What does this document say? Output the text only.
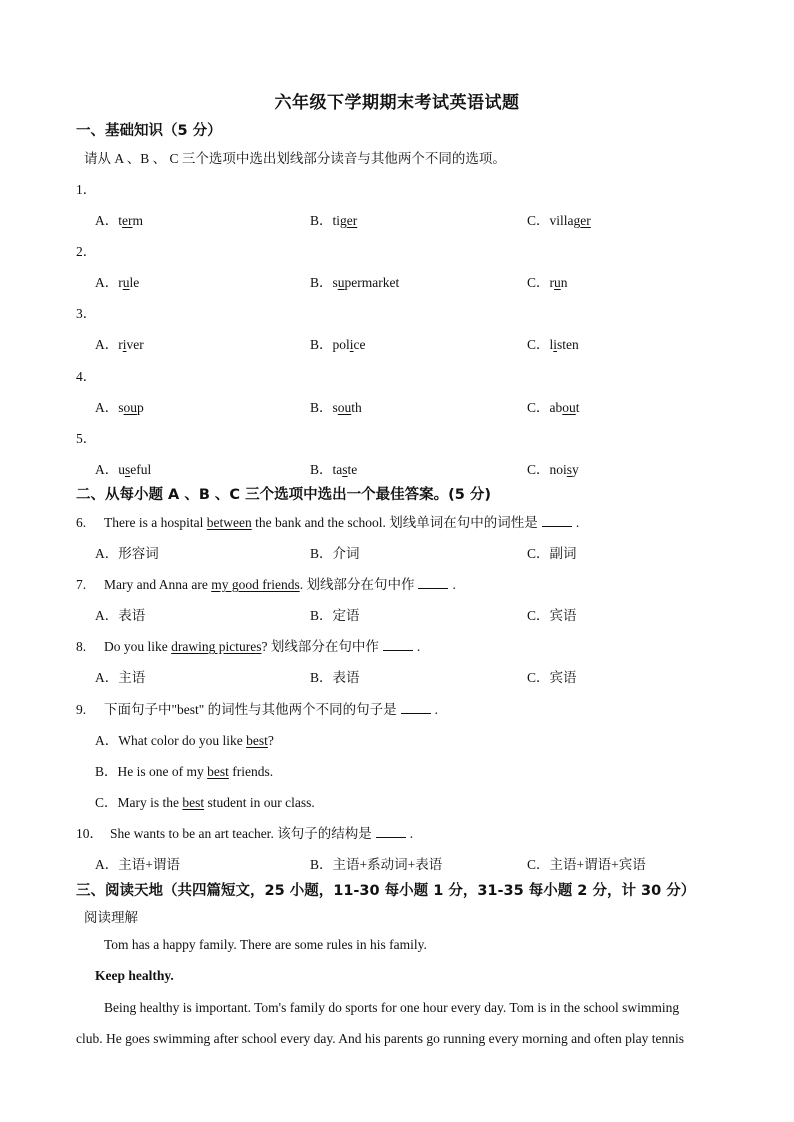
六年级下学期期末考试英语试题
一、基础知识（5 分）
请从 A 、B 、 C 三个选项中选出划线部分读音与其他两个不同的选项。
1．
A．term	B．tiger	C．villager
2．
A．rule	B．supermarket	C．run
3．
A．river	B．police	C．listen
4．
A．soup	B．south	C．about
5．
A．useful	B．taste	C．noisy
二、从每小题 A 、B 、C 三个选项中选出一个最佳答案。(5 分)
6. There is a hospital between the bank and the school. 划线单词在句中的词性是	.
A．形容词	B．介词	C．副词
7. Mary and Anna are my good friends. 划线部分在句中作	.
A．表语	B．定语	C．宾语
8. Do you like drawing pictures? 划线部分在句中作	.
A．主语	B．表语	C．宾语
9. 下面句子中"best" 的词性与其他两个不同的句子是	.
A．What color do you like best?
B．He is one of my best friends.
C．Mary is the best student in our class.
10． She wants to be an art teacher. 该句子的结构是	.
A．主语+谓语	B．主语+系动词+表语	C．主语+谓语+宾语
三、阅读天地（共四篇短文，25 小题，11-30 每小题 1 分，31-35 每小题 2 分，计 30 分）
阅读理解
Tom has a happy family. There are some rules in his family.
Keep healthy.
Being healthy is important. Tom's family do sports for one hour every day. Tom is in the school swimming
club. He goes swimming after school every day. And his parents go running every morning and often play tennis
